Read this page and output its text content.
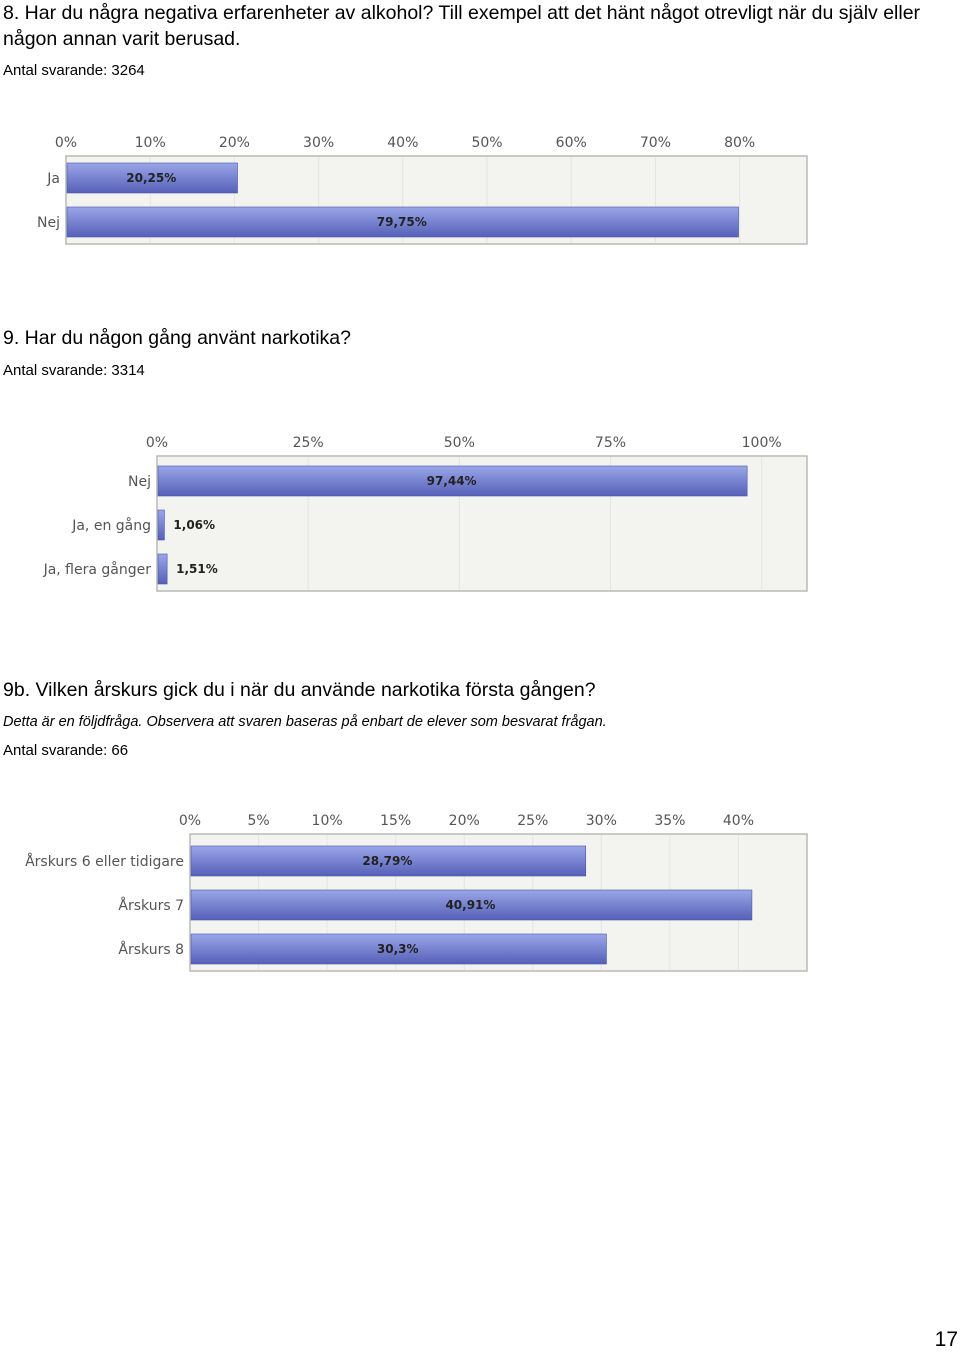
8. Har du några negativa erfarenheter av alkohol? Till exempel att det hänt något otrevligt när du själv eller någon annan varit berusad.
Antal svarande: 3264
0%	10%	20%	30%	40%	50%	60%	70%	80%
Ja	20,25%
Nej	79,75%
9. Har du någon gång använt narkotika?
Antal svarande: 3314
0%	25%	50%	75%	100%
Nej	97,44%
Ja, en gång 1,06%
Ja, flera gånger 1,51%
9b. Vilken årskurs gick du i när du använde narkotika första gången?
Detta är en följdfråga. Observera att svaren baseras på enbart de elever som besvarat frågan.
Antal svarande: 66
0%	5%	10%	15%	20%	25%	30%	35%	40%
Årskurs 6 eller tidigare	28,79%
Årskurs 7	40,91%
Årskurs 8	30,3%
17
